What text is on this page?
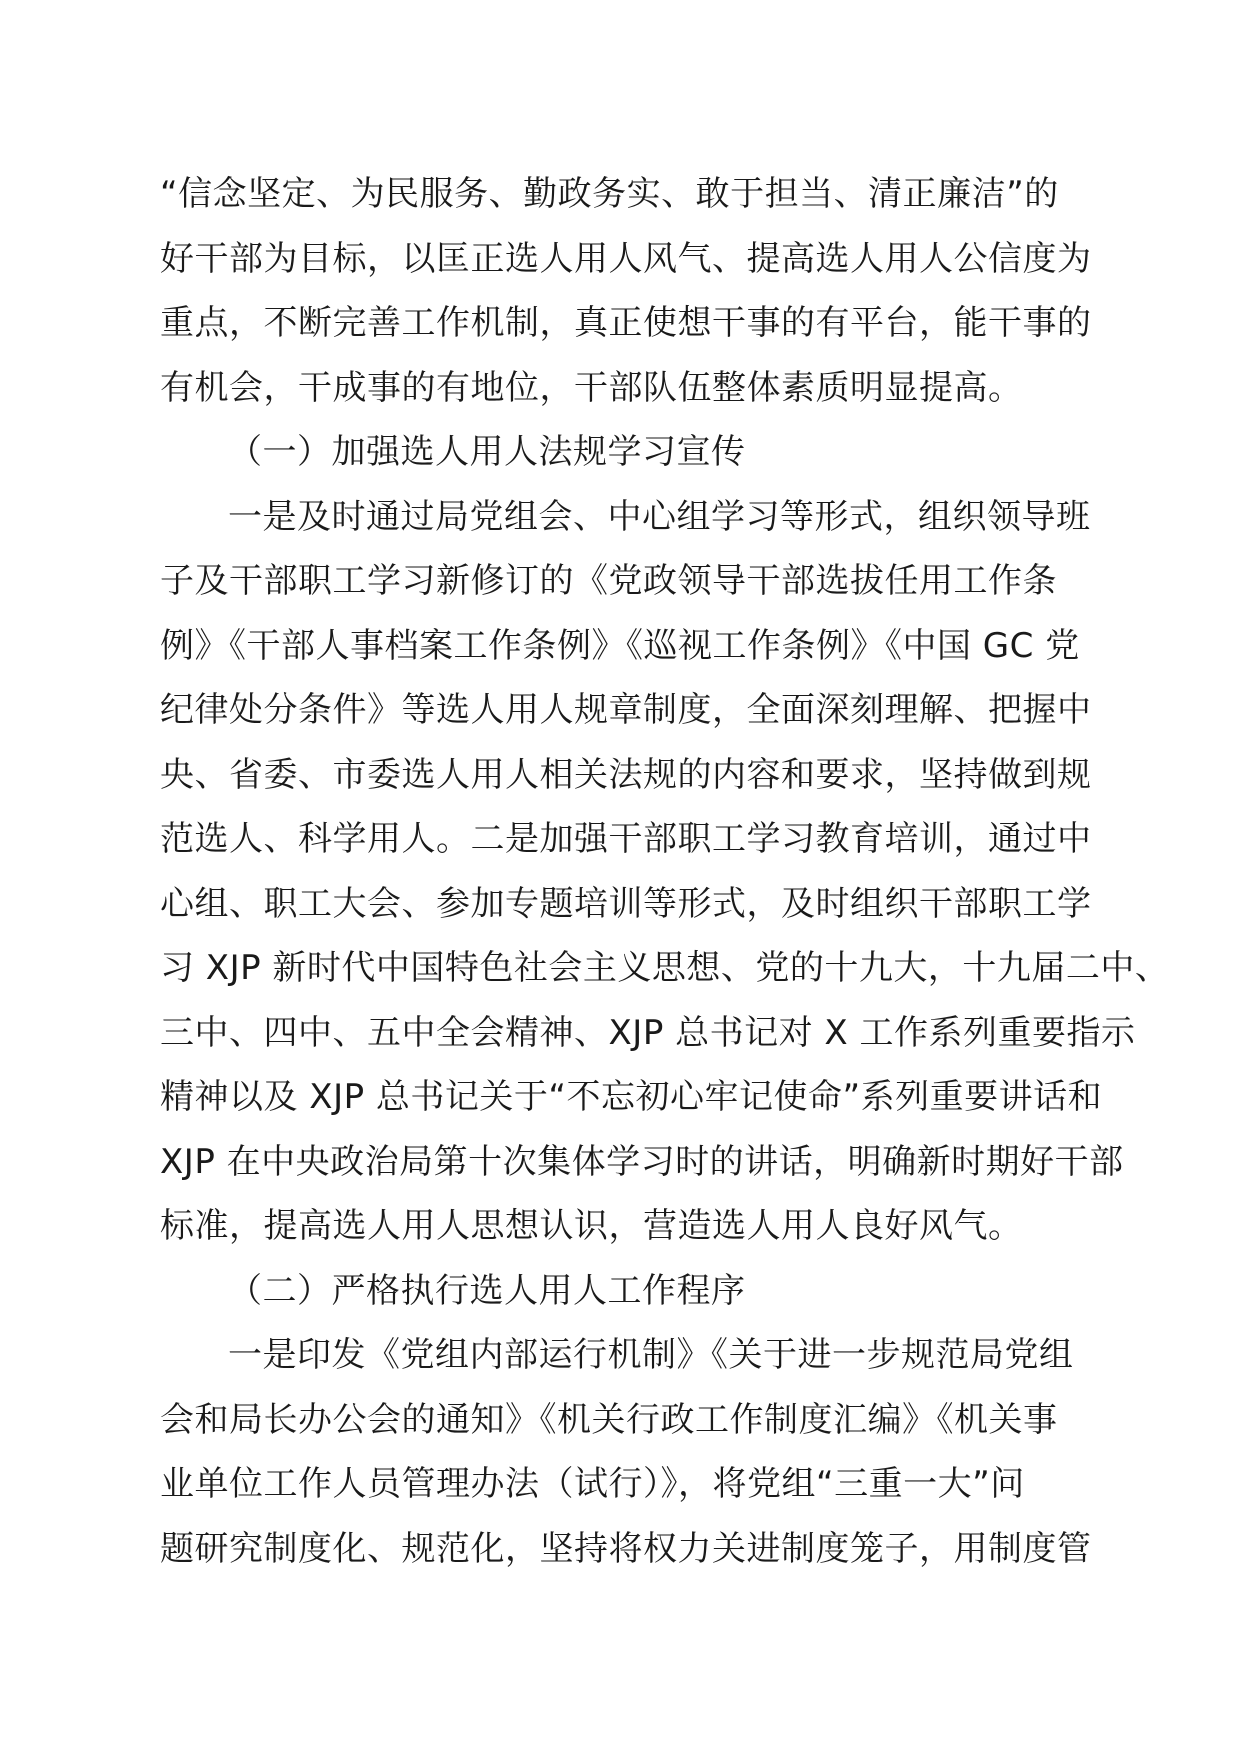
“信念坚定、为民服务、勤政务实、敢于担当、清正廉洁”的
好干部为目标，以匡正选人用人风气、提高选人用人公信度为
重点，不断完善工作机制，真正使想干事的有平台，能干事的
有机会，干成事的有地位，干部队伍整体素质明显提高。
（一）加强选人用人法规学习宣传
一是及时通过局党组会、中心组学习等形式，组织领导班
子及干部职工学习新修订的《党政领导干部选拔任用工作条
例》《干部人事档案工作条例》《巡视工作条例》《中国 GC 党
纪律处分条件》等选人用人规章制度，全面深刻理解、把握中
央、省委、市委选人用人相关法规的内容和要求，坚持做到规
范选人、科学用人。二是加强干部职工学习教育培训，通过中
心组、职工大会、参加专题培训等形式，及时组织干部职工学
习 XJP 新时代中国特色社会主义思想、党的十九大，十九届二中、
三中、四中、五中全会精神、XJP 总书记对 X 工作系列重要指示
精神以及 XJP 总书记关于“不忘初心牢记使命”系列重要讲话和
XJP 在中央政治局第十次集体学习时的讲话，明确新时期好干部
标准，提高选人用人思想认识，营造选人用人良好风气。
（二）严格执行选人用人工作程序
一是印发《党组内部运行机制》《关于进一步规范局党组
会和局长办公会的通知》《机关行政工作制度汇编》《机关事
业单位工作人员管理办法（试行）》，将党组“三重一大”问
题研究制度化、规范化，坚持将权力关进制度笼子，用制度管
